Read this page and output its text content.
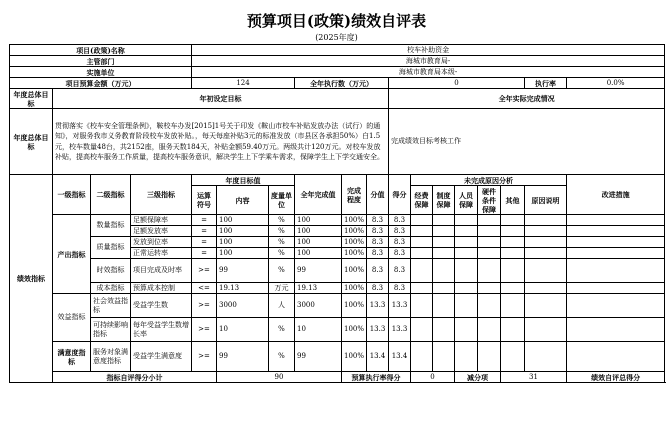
预算项目(政策)绩效自评表
(2025年度)
项目(政策)名称				校车补助资金														
主管部门				海城市教育局-														
实施单位				海城市教育局本级-														
项目预算金额（万元）				124			全年执行数（万元）			0						执行率	0.0%	
年度总体目标	年初设定目标									全年实际完成情况								
年度总体目标	贯彻落实《校车安全管理条例》，鞍校车办发[2015]1号关于印发《鞍山市校车补贴发放办法（试行）的通知》，对服务我市义务教育阶段校车发放补贴。，每天每座补贴3元的标准发放（市县区各承担50%）白1.5元，校车数量48台，共2152座，服务天数184天，补贴金额59.40万元。两级共计120万元。对校车发放补贴，提高校车服务工作质量，提高校车服务意识，解决学生上下学乘车需求，保障学生上下学交通安全。									完成绩效目标考核工作								
绩效指标	一级指标	二级指标	三级指标	年度目标值			全年完成值	完成程度	分值	得分	未完成原因分析						改进措施	
				运算符号	内容	度量单位					经费保障	制度保障	人员保障	硬件条件保障	其他	原因说明		
	产出指标	数量指标	足额保障率	=	100	%	100	100%	8.3	8.3								
			足额发放率	=	100	%	100	100%	8.3	8.3								
		质量指标	发放到位率	=	100	%	100	100%	8.3	8.3								
			正常运转率	=	100	%	100	100%	8.3	8.3								
		时效指标	项目完成及时率	>=	99	%	99	100%	8.3	8.3								
		成本指标	预算成本控制	<=	19.13	万元	19.13	100%	8.3	8.3								
	效益指标	社会效益指标	受益学生数	>=	3000	人	3000	100%	13.3	13.3								
		可持续影响指标	每年受益学生数增长率	>=	10	%	10	100%	13.3	13.3								
	满意度指标	服务对象满意度指标	受益学生满意度	>=	99	%	99	100%	13.4	13.4								
	指标自评得分小计				90			预算执行率得分			0		减分项		31		绩效自评总得分	
